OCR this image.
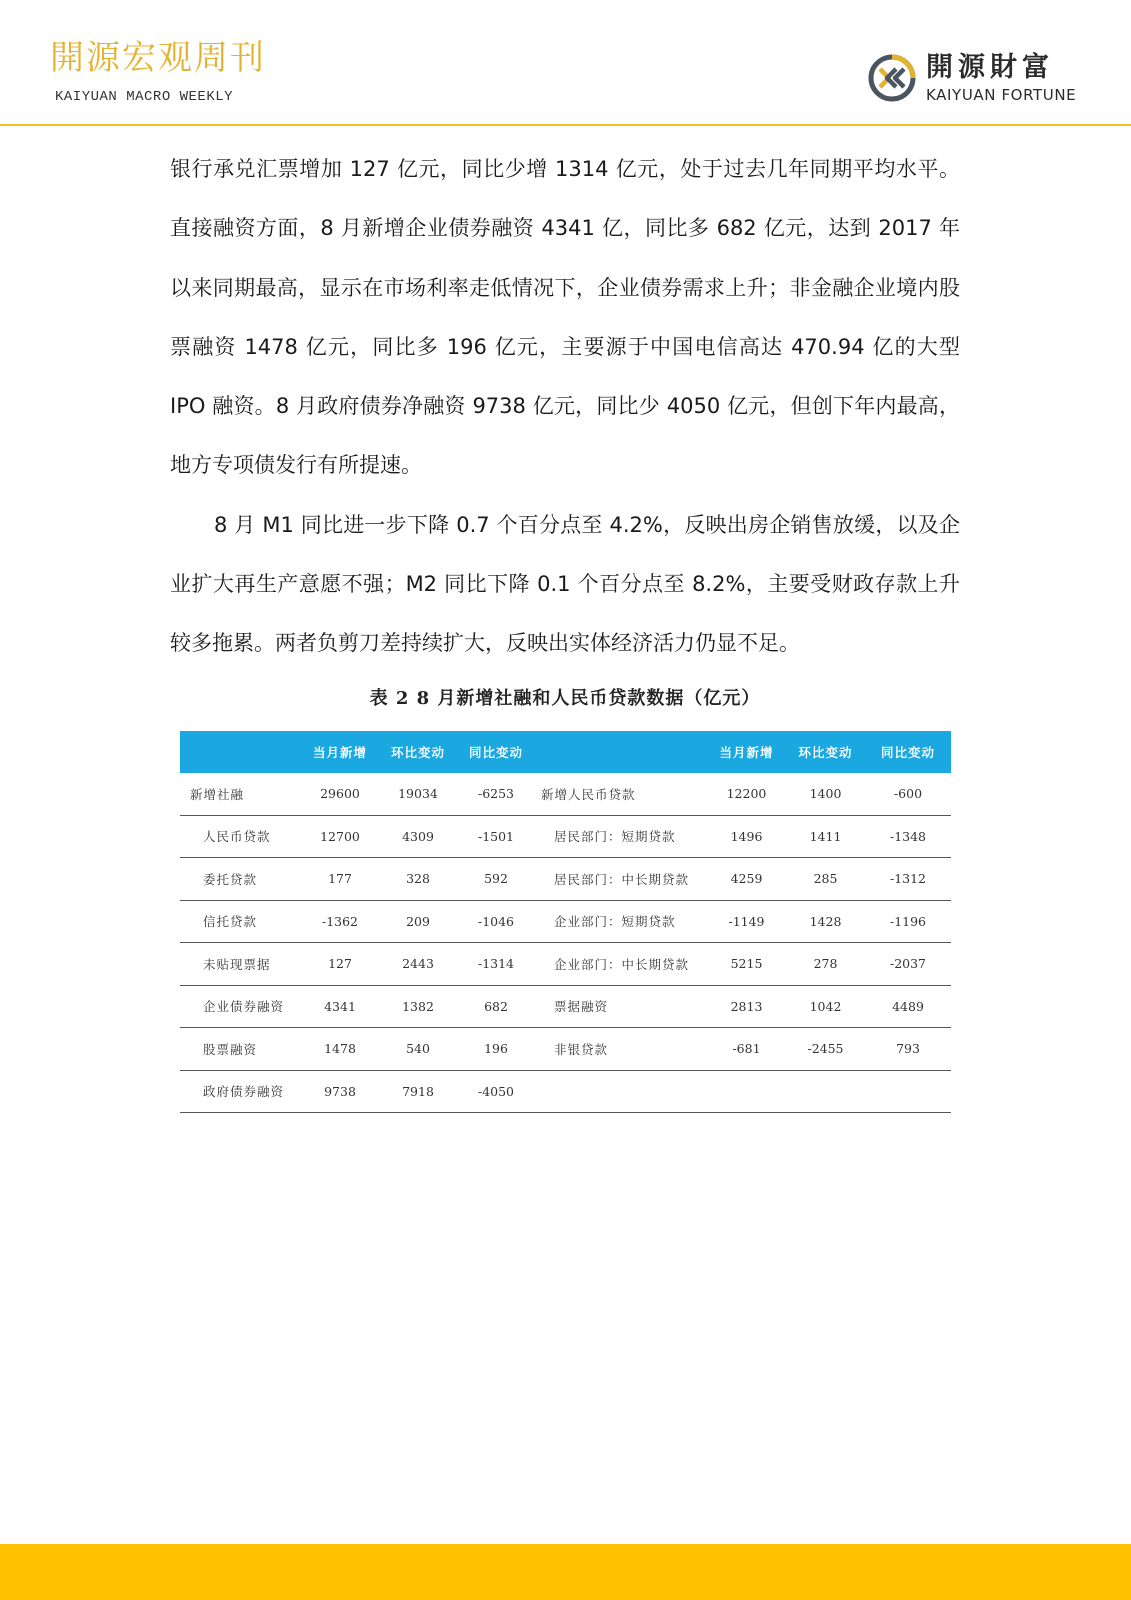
開源宏观周刊
KAIYUAN MACRO WEEKLY
開源財富
KAIYUAN FORTUNE

银行承兑汇票增加 127 亿元，同比少增 1314 亿元，处于过去几年同期平均水平。直接融资方面，8 月新增企业债券融资 4341 亿，同比多 682 亿元，达到 2017 年以来同期最高，显示在市场利率走低情况下，企业债券需求上升；非金融企业境内股票融资 1478 亿元，同比多 196 亿元，主要源于中国电信高达 470.94 亿的大型 IPO 融资。8 月政府债券净融资 9738 亿元，同比少 4050 亿元，但创下年内最高，地方专项债发行有所提速。

8 月 M1 同比进一步下降 0.7 个百分点至 4.2%，反映出房企销售放缓，以及企业扩大再生产意愿不强；M2 同比下降 0.1 个百分点至 8.2%，主要受财政存款上升较多拖累。两者负剪刀差持续扩大，反映出实体经济活力仍显不足。

表 2 8 月新增社融和人民币贷款数据（亿元）
	当月新增	环比变动	同比变动		当月新增	环比变动	同比变动
新增社融	29600	19034	-6253	新增人民币贷款	12200	1400	-600
人民币贷款	12700	4309	-1501	居民部门：短期贷款	1496	1411	-1348
委托贷款	177	328	592	居民部门：中长期贷款	4259	285	-1312
信托贷款	-1362	209	-1046	企业部门：短期贷款	-1149	1428	-1196
未贴现票据	127	2443	-1314	企业部门：中长期贷款	5215	278	-2037
企业债券融资	4341	1382	682	票据融资	2813	1042	4489
股票融资	1478	540	196	非银贷款	-681	-2455	793
政府债券融资	9738	7918	-4050				
